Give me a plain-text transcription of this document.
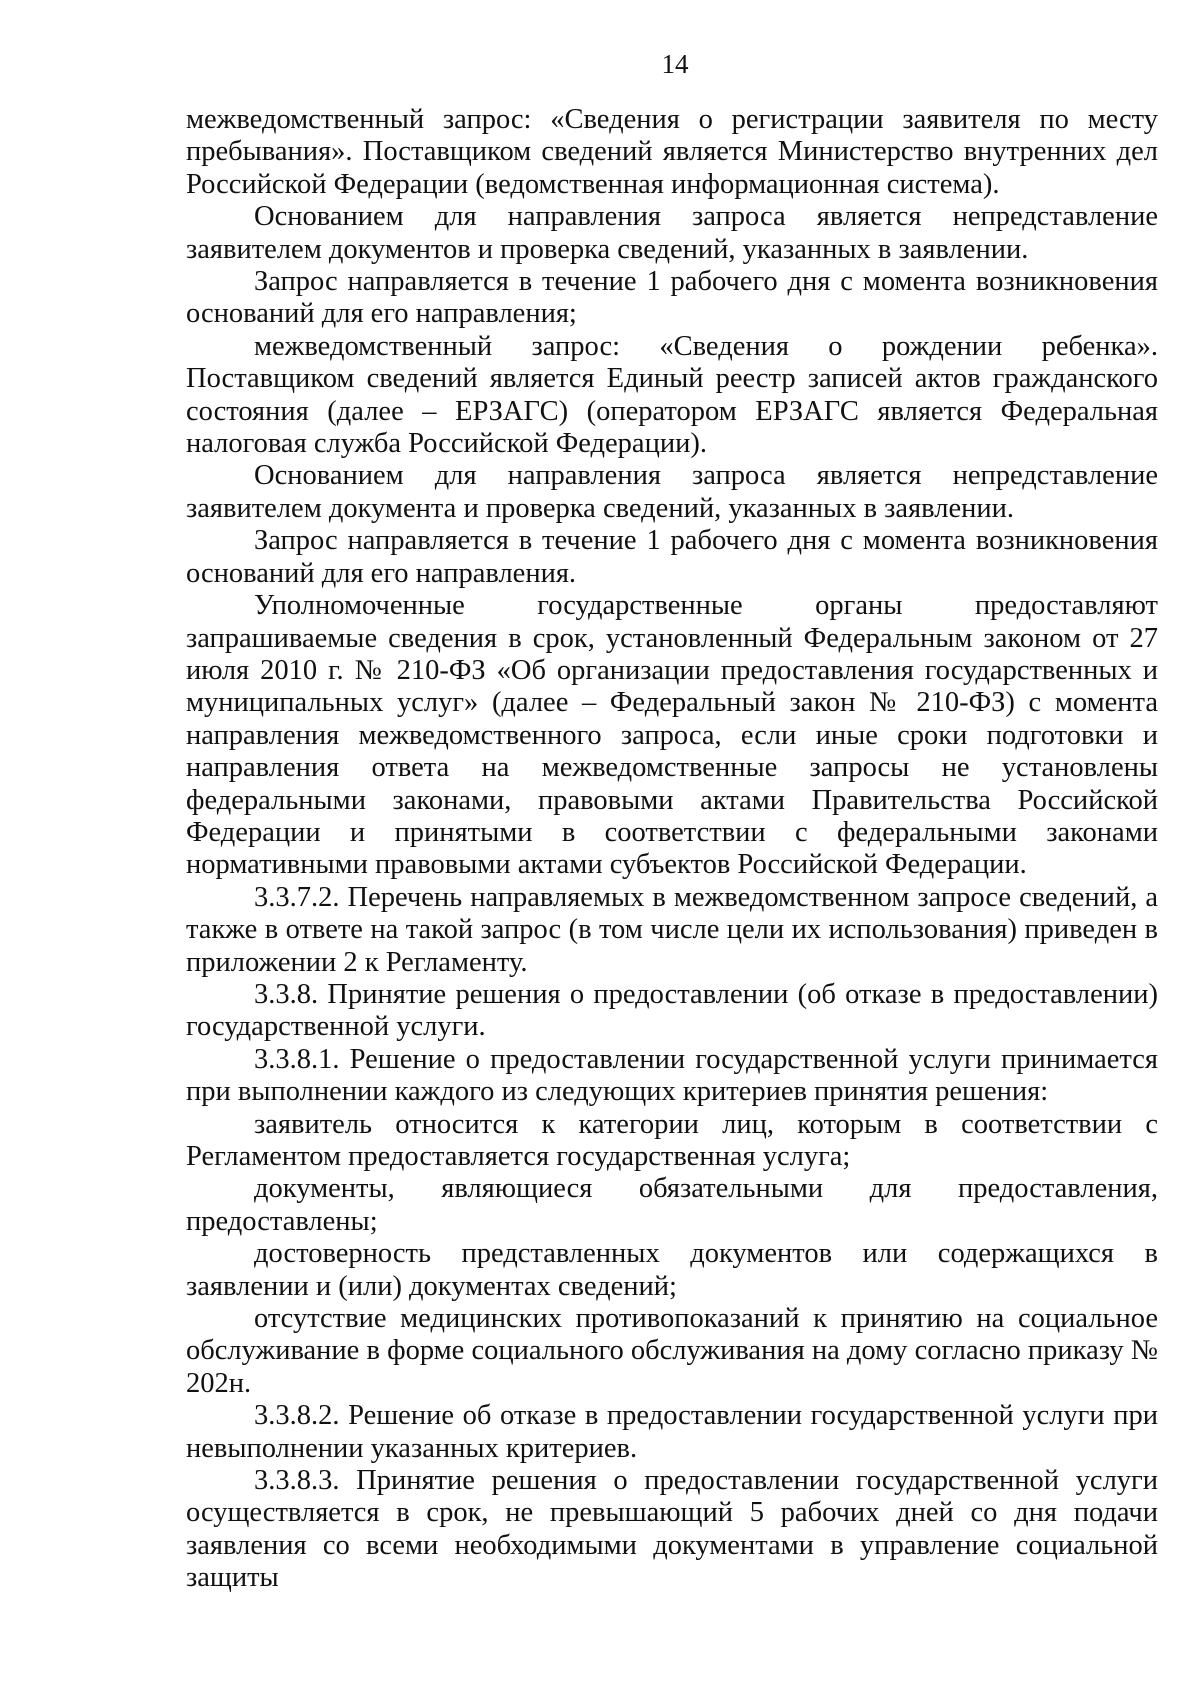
14

межведомственный запрос: «Сведения о регистрации заявителя по месту пребывания». Поставщиком сведений является Министерство внутренних дел Российской Федерации (ведомственная информационная система).

Основанием для направления запроса является непредставление заявителем документов и проверка сведений, указанных в заявлении.

Запрос направляется в течение 1 рабочего дня с момента возникновения оснований для его направления;

межведомственный запрос: «Сведения о рождении ребенка». Поставщиком сведений является Единый реестр записей актов гражданского состояния (далее – ЕРЗАГС) (оператором ЕРЗАГС является Федеральная налоговая служба Российской Федерации).

Основанием для направления запроса является непредставление заявителем документа и проверка сведений, указанных в заявлении.

Запрос направляется в течение 1 рабочего дня с момента возникновения оснований для его направления.

Уполномоченные государственные органы предоставляют запрашиваемые сведения в срок, установленный Федеральным законом от 27 июля 2010 г. № 210-ФЗ «Об организации предоставления государственных и муниципальных услуг» (далее – Федеральный закон № 210-ФЗ) с момента направления межведомственного запроса, если иные сроки подготовки и направления ответа на межведомственные запросы не установлены федеральными законами, правовыми актами Правительства Российской Федерации и принятыми в соответствии с федеральными законами нормативными правовыми актами субъектов Российской Федерации.

3.3.7.2. Перечень направляемых в межведомственном запросе сведений, а также в ответе на такой запрос (в том числе цели их использования) приведен в приложении 2 к Регламенту.

3.3.8. Принятие решения о предоставлении (об отказе в предоставлении) государственной услуги.

3.3.8.1. Решение о предоставлении государственной услуги принимается при выполнении каждого из следующих критериев принятия решения:

заявитель относится к категории лиц, которым в соответствии с Регламентом предоставляется государственная услуга;

документы, являющиеся обязательными для предоставления, предоставлены;

достоверность представленных документов или содержащихся в заявлении и (или) документах сведений;

отсутствие медицинских противопоказаний к принятию на социальное обслуживание в форме социального обслуживания на дому согласно приказу № 202н.

3.3.8.2. Решение об отказе в предоставлении государственной услуги при невыполнении указанных критериев.

3.3.8.3. Принятие решения о предоставлении государственной услуги осуществляется в срок, не превышающий 5 рабочих дней со дня подачи заявления со всеми необходимыми документами в управление социальной защиты
